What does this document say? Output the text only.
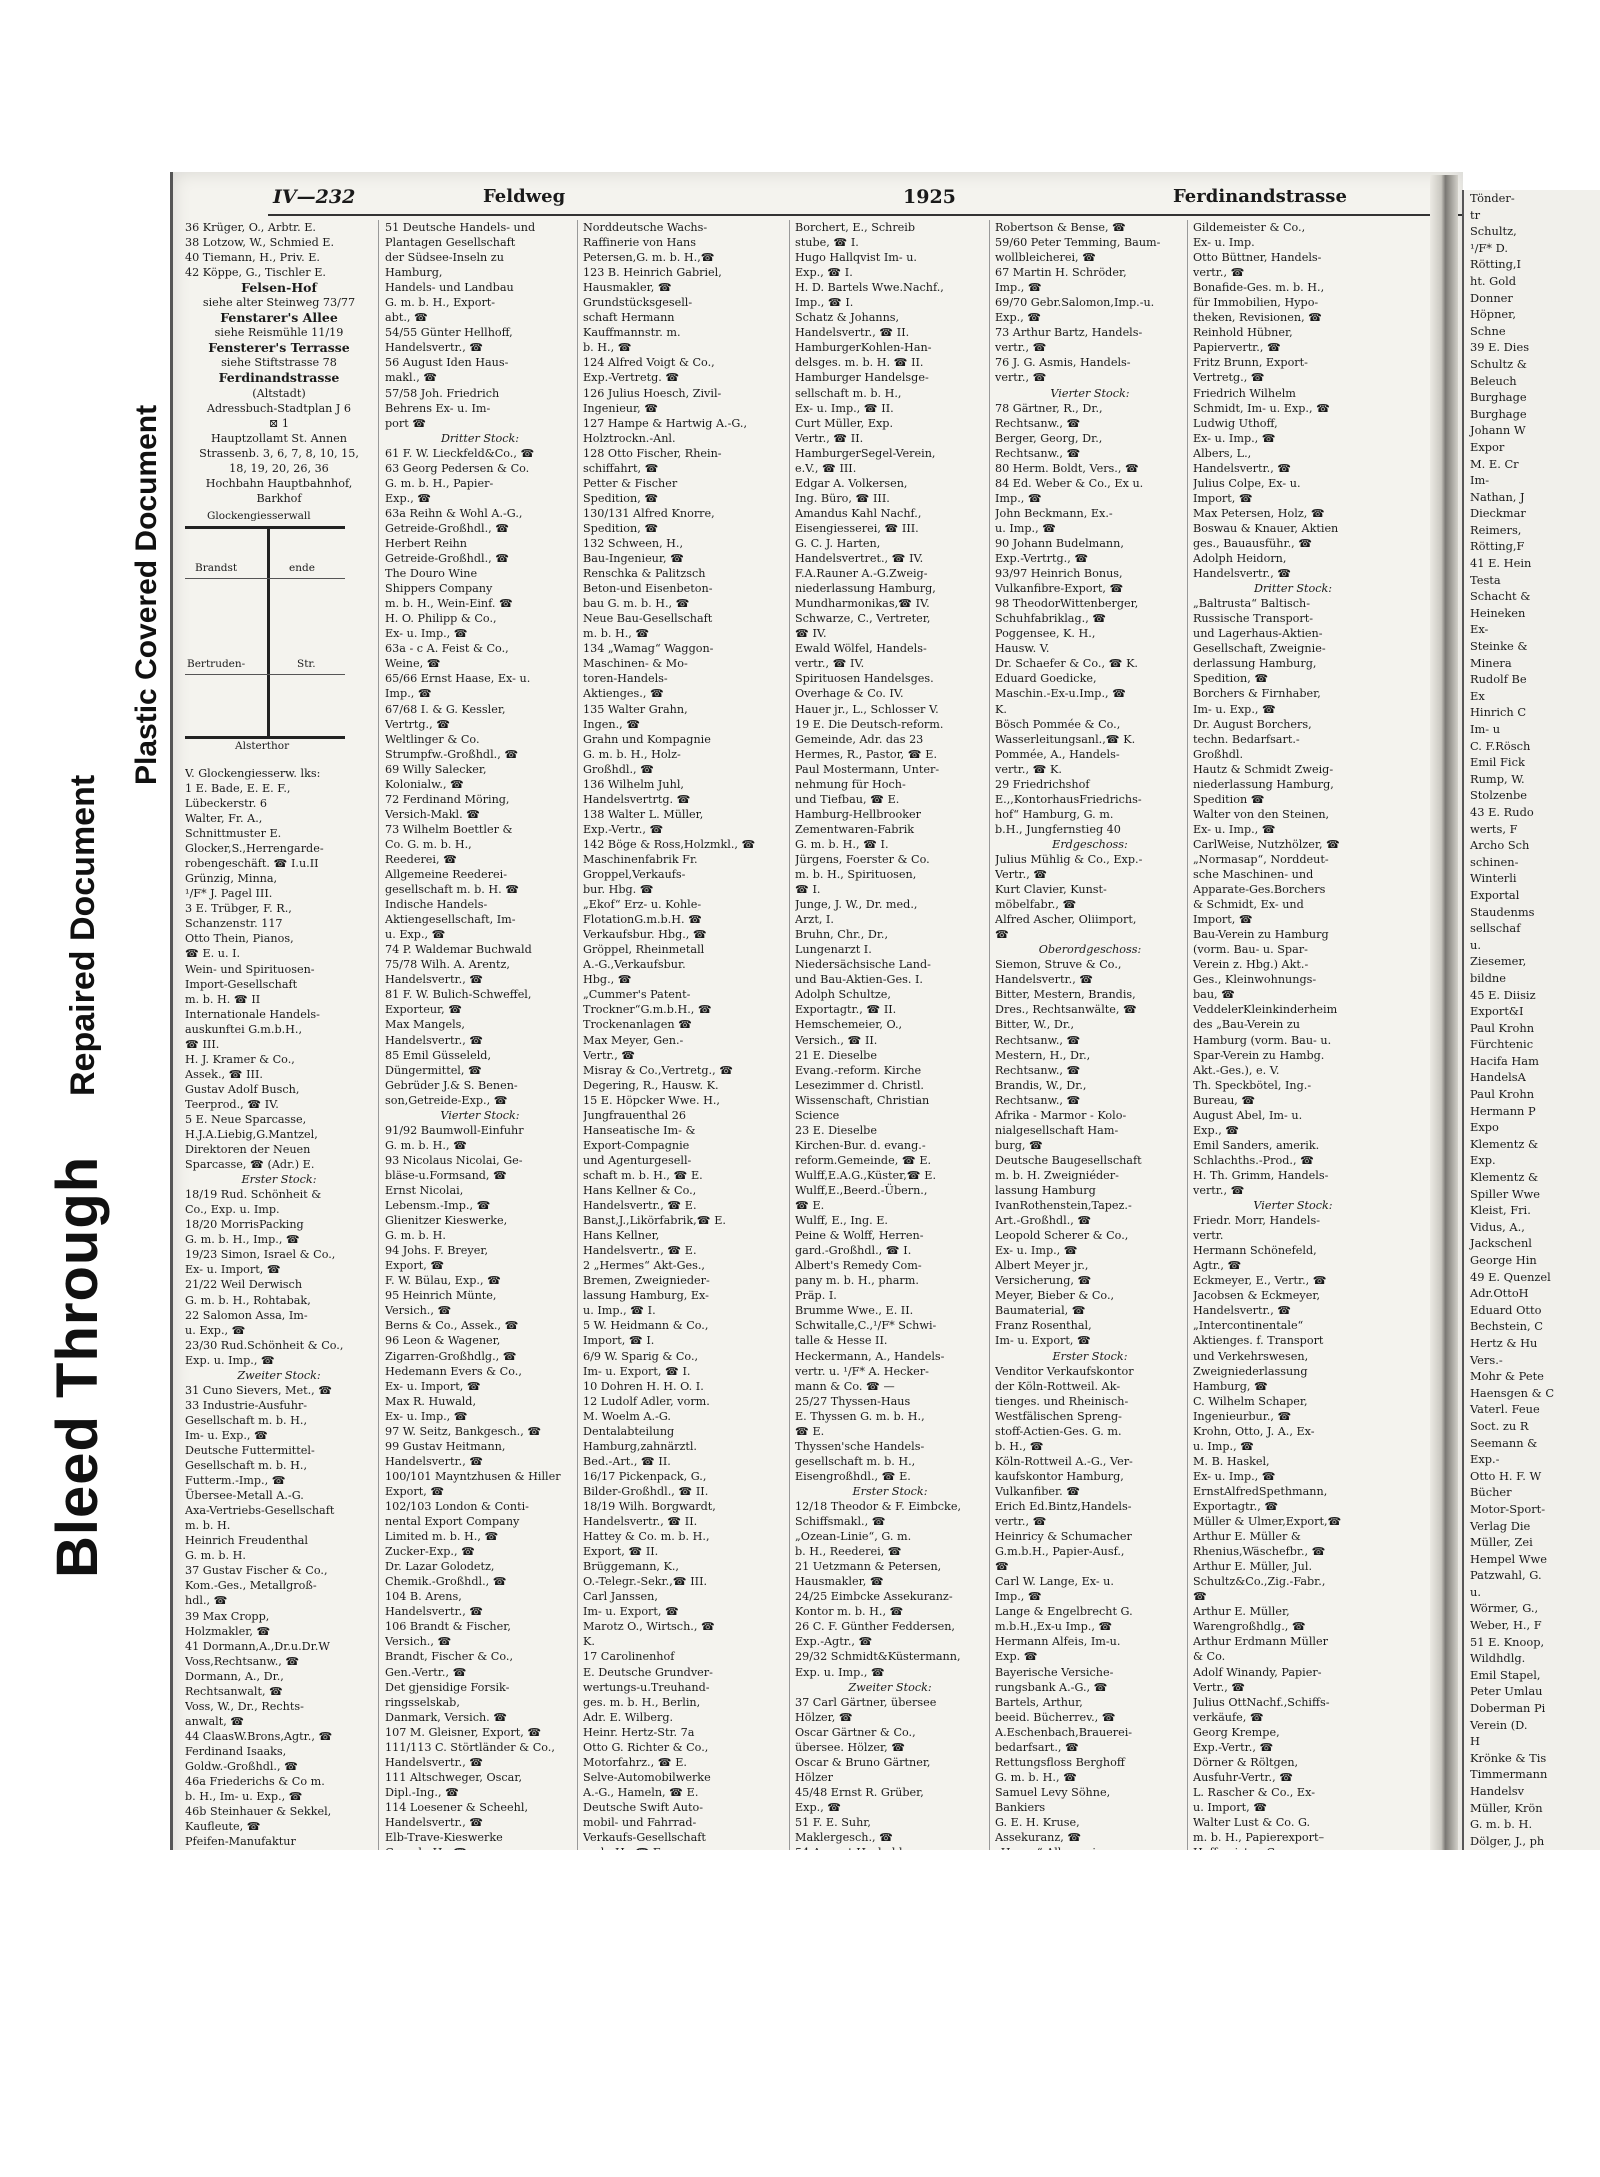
Bleed Through
Repaired Document
Plastic Covered Document
IV—232	Feldweg	1925	Ferdinandstrasse
36 Krüger, O., Arbtr. E.
38 Lotzow, W., Schmied E.
40 Tiemann, H., Priv. E.
42 Köppe, G., Tischler E.
Felsen-Hof
siehe alter Steinweg 73/77
Fenstarer's Allee
siehe Reismühle 11/19
Fensterer's Terrasse
siehe Stiftstrasse 78
Ferdinandstrasse
(Altstadt)
Adressbuch-Stadtplan J 6
⊠ 1
Hauptzollamt St. Annen
Strassenb. 3, 6, 7, 8, 10, 15,
18, 19, 20, 26, 36
Hochbahn Hauptbahnhof,
Barkhof
Glockengiesserwall
Brandst	ende
Bertruden-	Str.
Alsterthor
V. Glockengiesserw. lks:
1 E. Bade, E. E. F.,
Lübeckerstr. 6
Walter, Fr. A.,
Schnittmuster E.
Glocker,S.,Herrengarde-
robengeschäft. ☎ I.u.II
Grünzig, Minna,
¹/F* J. Pagel III.
3 E. Trübger, F. R.,
Schanzenstr. 117
Otto Thein, Pianos,
☎ E. u. I.
Wein- und Spirituosen-
Import-Gesellschaft
m. b. H. ☎ II
Internationale Handels-
auskunftei G.m.b.H.,
☎ III.
H. J. Kramer & Co.,
Assek., ☎ III.
Gustav Adolf Busch,
Teerprod., ☎ IV.
5 E. Neue Sparcasse,
H.J.A.Liebig,G.Mantzel,
Direktoren der Neuen
Sparcasse, ☎ (Adr.) E.
Erster Stock:
18/19 Rud. Schönheit &
Co., Exp. u. Imp.
18/20 MorrisPacking
G. m. b. H., Imp., ☎
19/23 Simon, Israel & Co.,
Ex- u. Import, ☎
21/22 Weil Derwisch
G. m. b. H., Rohtabak,
22 Salomon Assa, Im-
u. Exp., ☎
23/30 Rud.Schönheit & Co.,
Exp. u. Imp., ☎
Zweiter Stock:
31 Cuno Sievers, Met., ☎
33 Industrie-Ausfuhr-
Gesellschaft m. b. H.,
Im- u. Exp., ☎
Deutsche Futtermittel-
Gesellschaft m. b. H.,
Futterm.-Imp., ☎
Übersee-Metall A.-G.
Axa-Vertriebs-Gesellschaft
m. b. H.
Heinrich Freudenthal
G. m. b. H.
37 Gustav Fischer & Co.,
Kom.-Ges., Metallgroß-
hdl., ☎
39 Max Cropp,
Holzmakler, ☎
41 Dormann,A.,Dr.u.Dr.W
Voss,Rechtsanw., ☎
Dormann, A., Dr.,
Rechtsanwalt, ☎
Voss, W., Dr., Rechts-
anwalt, ☎
44 ClaasW.Brons,Agtr., ☎
Ferdinand Isaaks,
Goldw.-Großhdl., ☎
46a Friederichs & Co m.
b. H., Im- u. Exp., ☎
46b Steinhauer & Sekkel,
Kaufleute, ☎
Pfeifen-Manufaktur
51 Deutsche Handels- und
Plantagen Gesellschaft
der Südsee-Inseln zu
Hamburg,
Handels- und Landbau
G. m. b. H., Export-
abt., ☎
54/55 Günter Hellhoff,
Handelsvertr., ☎
56 August Iden Haus-
makl., ☎
57/58 Joh. Friedrich
Behrens Ex- u. Im-
port ☎
Dritter Stock:
61 F. W. Lieckfeld&Co., ☎
63 Georg Pedersen & Co.
G. m. b. H., Papier-
Exp., ☎
63a Reihn & Wohl A.-G.,
Getreide-Großhdl., ☎
Herbert Reihn
Getreide-Großhdl., ☎
The Douro Wine
Shippers Company
m. b. H., Wein-Einf. ☎
H. O. Philipp & Co.,
Ex- u. Imp., ☎
63a - c A. Feist & Co.,
Weine, ☎
65/66 Ernst Haase, Ex- u.
Imp., ☎
67/68 I. & G. Kessler,
Vertrtg., ☎
Weltlinger & Co.
Strumpfw.-Großhdl., ☎
69 Willy Salecker,
Kolonialw., ☎
72 Ferdinand Möring,
Versich-Makl. ☎
73 Wilhelm Boettler &
Co. G. m. b. H.,
Reederei, ☎
Allgemeine Reederei-
gesellschaft m. b. H. ☎
Indische Handels-
Aktiengesellschaft, Im-
u. Exp., ☎
74 P. Waldemar Buchwald
75/78 Wilh. A. Arentz,
Handelsvertr., ☎
81 F. W. Bulich-Schweffel,
Exporteur, ☎
Max Mangels,
Handelsvertr., ☎
85 Emil Güsseleld,
Düngermittel, ☎
Gebrüder J.& S. Benen-
son,Getreide-Exp., ☎
Vierter Stock:
91/92 Baumwoll-Einfuhr
G. m. b. H., ☎
93 Nicolaus Nicolai, Ge-
bläse-u.Formsand, ☎
Ernst Nicolai,
Lebensm.-Imp., ☎
Glienitzer Kieswerke,
G. m. b. H.
94 Johs. F. Breyer,
Export, ☎
F. W. Bülau, Exp., ☎
95 Heinrich Münte,
Versich., ☎
Berns & Co., Assek., ☎
96 Leon & Wagener,
Zigarren-Großhdlg., ☎
Hedemann Evers & Co.,
Ex- u. Import, ☎
Max R. Huwald,
Ex- u. Imp., ☎
97 W. Seitz, Bankgesch., ☎
99 Gustav Heitmann,
Handelsvertr., ☎
100/101 Mayntzhusen & Hiller
Export, ☎
102/103 London & Conti-
nental Export Company
Limited m. b. H., ☎
Zucker-Exp., ☎
Dr. Lazar Golodetz,
Chemik.-Großhdl., ☎
104 B. Arens,
Handelsvertr., ☎
106 Brandt & Fischer,
Versich., ☎
Brandt, Fischer & Co.,
Gen.-Vertr., ☎
Det gjensidige Forsik-
ringsselskab,
Danmark, Versich. ☎
107 M. Gleisner, Export, ☎
111/113 C. Störtländer & Co.,
Handelsvertr., ☎
111 Altschweger, Oscar,
Dipl.-Ing., ☎
114 Loesener & Scheehl,
Handelsvertr., ☎
Elb-Trave-Kieswerke
Norddeutsche Wachs-
Raffinerie von Hans
Petersen,G. m. b. H.,☎
123 B. Heinrich Gabriel,
Hausmakler, ☎
Grundstücksgesell-
schaft Hermann
Kauffmannstr. m.
b. H., ☎
124 Alfred Voigt & Co.,
Exp.-Vertretg. ☎
126 Julius Hoesch, Zivil-
Ingenieur, ☎
127 Hampe & Hartwig A.-G.,
Holztrockn.-Anl.
128 Otto Fischer, Rhein-
schiffahrt, ☎
Petter & Fischer
Spedition, ☎
130/131 Alfred Knorre,
Spedition, ☎
132 Schween, H.,
Bau-Ingenieur, ☎
Renschka & Palitzsch
Beton-und Eisenbeton-
bau G. m. b. H., ☎
Neue Bau-Gesellschaft
m. b. H., ☎
134 „Wamag“ Waggon-
Maschinen- & Mo-
toren-Handels-
Aktienges., ☎
135 Walter Grahn,
Ingen., ☎
Grahn und Kompagnie
G. m. b. H., Holz-
Großhdl., ☎
136 Wilhelm Juhl,
Handelsvertrtg. ☎
138 Walter L. Müller,
Exp.-Vertr., ☎
142 Böge & Ross,Holzmkl., ☎
Maschinenfabrik Fr.
Groppel,Verkaufs-
bur. Hbg. ☎
„Ekof“ Erz- u. Kohle-
FlotationG.m.b.H. ☎
Verkaufsbur. Hbg., ☎
Gröppel, Rheinmetall
A.-G.,Verkaufsbur.
Hbg., ☎
„Cummer's Patent-
Trockner“G.m.b.H., ☎
Trockenanlagen ☎
Max Meyer, Gen.-
Vertr., ☎
Misray & Co.,Vertretg., ☎
Degering, R., Hausw. K.
15 E. Höpcker Wwe. H.,
Jungfrauenthal 26
Hanseatische Im- &
Export-Compagnie
und Agenturgesell-
schaft m. b. H., ☎ E.
Hans Kellner & Co.,
Handelsvertr., ☎ E.
Banst,J.,Likörfabrik,☎ E.
Hans Kellner,
Handelsvertr., ☎ E.
2 „Hermes“ Akt-Ges.,
Bremen, Zweignieder-
lassung Hamburg, Ex-
u. Imp., ☎ I.
5 W. Heidmann & Co.,
Import, ☎ I.
6/9 W. Sparig & Co.,
Im- u. Export, ☎ I.
10 Dohren H. H. O. I.
12 Ludolf Adler, vorm.
M. Woelm A.-G.
Dentalabteilung
Hamburg,zahnärztl.
Bed.-Art., ☎ II.
16/17 Pickenpack, G.,
Bilder-Großhdl., ☎ II.
18/19 Wilh. Borgwardt,
Handelsvertr., ☎ II.
Hattey & Co. m. b. H.,
Export, ☎ II.
Brüggemann, K.,
O.-Telegr.-Sekr.,☎ III.
Carl Janssen,
Im- u. Export, ☎
Marotz O., Wirtsch., ☎
K.
17 Carolinenhof
E. Deutsche Grundver-
wertungs-u.Treuhand-
ges. m. b. H., Berlin,
Adr. E. Wilberg.
Heinr. Hertz-Str. 7a
Otto G. Richter & Co.,
Motorfahrz., ☎ E.
Selve-Automobilwerke
A.-G., Hameln, ☎ E.
Deutsche Swift Auto-
mobil- und Fahrrad-
Verkaufs-Gesellschaft
Borchert, E., Schreib
stube, ☎ I.
Hugo Hallqvist Im- u.
Exp., ☎ I.
H. D. Bartels Wwe.Nachf.,
Imp., ☎ I.
Schatz & Johanns,
Handelsvertr., ☎ II.
HamburgerKohlen-Han-
delsges. m. b. H. ☎ II.
Hamburger Handelsge-
sellschaft m. b. H.,
Ex- u. Imp., ☎ II.
Curt Müller, Exp.
Vertr., ☎ II.
HamburgerSegel-Verein,
e.V., ☎ III.
Edgar A. Volkersen,
Ing. Büro, ☎ III.
Amandus Kahl Nachf.,
Eisengiesserei, ☎ III.
G. C. J. Harten,
Handelsvertret., ☎ IV.
F.A.Rauner A.-G.Zweig-
niederlassung Hamburg,
Mundharmonikas,☎ IV.
Schwarze, C., Vertreter,
☎ IV.
Ewald Wölfel, Handels-
vertr., ☎ IV.
Spirituosen Handelsges.
Overhage & Co. IV.
Hauer jr., L., Schlosser V.
19 E. Die Deutsch-reform.
Gemeinde, Adr. das 23
Hermes, R., Pastor, ☎ E.
Paul Mostermann, Unter-
nehmung für Hoch-
und Tiefbau, ☎ E.
Hamburg-Hellbrooker
Zementwaren-Fabrik
G. m. b. H., ☎ I.
Jürgens, Foerster & Co.
m. b. H., Spirituosen,
☎ I.
Junge, J. W., Dr. med.,
Arzt, I.
Bruhn, Chr., Dr.,
Lungenarzt I.
Niedersächsische Land-
und Bau-Aktien-Ges. I.
Adolph Schultze,
Exportagtr., ☎ II.
Hemschemeier, O.,
Versich., ☎ II.
21 E. Dieselbe
Evang.-reform. Kirche
Lesezimmer d. Christl.
Wissenschaft, Christian
Science
23 E. Dieselbe
Kirchen-Bur. d. evang.-
reform.Gemeinde, ☎ E.
Wulff,E.A.G.,Küster,☎ E.
Wulff,E.,Beerd.-Übern.,
☎ E.
Wulff, E., Ing. E.
Peine & Wolff, Herren-
gard.-Großhdl., ☎ I.
Albert's Remedy Com-
pany m. b. H., pharm.
Präp. I.
Brumme Wwe., E. II.
Schwitalle,C.,¹/F* Schwi-
talle & Hesse II.
Heckermann, A., Handels-
vertr. u. ¹/F* A. Hecker-
mann & Co. ☎ —
25/27 Thyssen-Haus
E. Thyssen G. m. b. H.,
☎ E.
Thyssen'sche Handels-
gesellschaft m. b. H.,
Eisengroßhdl., ☎ E.
Erster Stock:
12/18 Theodor & F. Eimbcke,
Schiffsmakl., ☎
„Ozean-Linie“, G. m.
b. H., Reederei, ☎
21 Uetzmann & Petersen,
Hausmakler, ☎
24/25 Eimbcke Assekuranz-
Kontor m. b. H., ☎
26 C. F. Günther Feddersen,
Exp.-Agtr., ☎
29/32 Schmidt&Küstermann,
Exp. u. Imp., ☎
Zweiter Stock:
37 Carl Gärtner, übersee
Hölzer, ☎
Oscar Gärtner & Co.,
übersee. Hölzer, ☎
Oscar & Bruno Gärtner,
Hölzer
45/48 Ernst R. Grüber,
Exp., ☎
51 F. E. Suhr,
Maklergesch., ☎
Robertson & Bense, ☎
59/60 Peter Temming, Baum-
wollbleicherei, ☎
67 Martin H. Schröder,
Imp., ☎
69/70 Gebr.Salomon,Imp.-u.
Exp., ☎
73 Arthur Bartz, Handels-
vertr., ☎
76 J. G. Asmis, Handels-
vertr., ☎
Vierter Stock:
78 Gärtner, R., Dr.,
Rechtsanw., ☎
Berger, Georg, Dr.,
Rechtsanw., ☎
80 Herm. Boldt, Vers., ☎
84 Ed. Weber & Co., Ex u.
Imp., ☎
John Beckmann, Ex.-
u. Imp., ☎
90 Johann Budelmann,
Exp.-Vertrtg., ☎
93/97 Heinrich Bonus,
Vulkanfibre-Export, ☎
98 TheodorWittenberger,
Schuhfabriklag., ☎
Poggensee, K. H.,
Hausw. V.
Dr. Schaefer & Co., ☎ K.
Eduard Goedicke,
Maschin.-Ex-u.Imp., ☎
K.
Bösch Pommée & Co.,
Wasserleitungsanl.,☎ K.
Pommée, A., Handels-
vertr., ☎ K.
29 Friedrichshof
E.,,KontorhausFriedrichs-
hof“ Hamburg, G. m.
b.H., Jungfernstieg 40
Erdgeschoss:
Julius Mühlig & Co., Exp.-
Vertr., ☎
Kurt Clavier, Kunst-
möbelfabr., ☎
Alfred Ascher, Oliimport,
☎
Oberordgeschoss:
Siemon, Struve & Co.,
Handelsvertr., ☎
Bitter, Mestern, Brandis,
Dres., Rechtsanwälte, ☎
Bitter, W., Dr.,
Rechtsanw., ☎
Mestern, H., Dr.,
Rechtsanw., ☎
Brandis, W., Dr.,
Rechtsanw., ☎
Afrika - Marmor - Kolo-
nialgesellschaft Ham-
burg, ☎
Deutsche Baugesellschaft
m. b. H. Zweigniéder-
lassung Hamburg
IvanRothenstein,Tapez.-
Art.-Großhdl., ☎
Leopold Scherer & Co.,
Ex- u. Imp., ☎
Albert Meyer jr.,
Versicherung, ☎
Meyer, Bieber & Co.,
Baumaterial, ☎
Franz Rosenthal,
Im- u. Export, ☎
Erster Stock:
Venditor Verkaufskontor
der Köln-Rottweil. Ak-
tienges. und Rheinisch-
Westfälischen Spreng-
stoff-Actien-Ges. G. m.
b. H., ☎
Köln-Rottweil A.-G., Ver-
kaufskontor Hamburg,
Vulkanfiber. ☎
Erich Ed.Bintz,Handels-
vertr., ☎
Heinricy & Schumacher
G.m.b.H., Papier-Ausf.,
☎
Carl W. Lange, Ex- u.
Imp., ☎
Lange & Engelbrecht G.
m.b.H.,Ex-u Imp., ☎
Hermann Alfeis, Im-u.
Exp. ☎
Bayerische Versiche-
rungsbank A.-G., ☎
Bartels, Arthur,
beeid. Bücherrev., ☎
A.Eschenbach,Brauerei-
bedarfsart., ☎
Rettungsfloss Berghoff
G. m. b. H., ☎
Samuel Levy Söhne,
Bankiers
G. E. H. Kruse,
Assekuranz, ☎
Gildemeister & Co.,
Ex- u. Imp.
Otto Büttner, Handels-
vertr., ☎
Bonafide-Ges. m. b. H.,
für Immobilien, Hypo-
theken, Revisionen, ☎
Reinhold Hübner,
Papiervertr., ☎
Fritz Brunn, Export-
Vertretg., ☎
Friedrich Wilhelm
Schmidt, Im- u. Exp., ☎
Ludwig Uthoff,
Ex- u. Imp., ☎
Albers, L.,
Handelsvertr., ☎
Julius Colpe, Ex- u.
Import, ☎
Max Petersen, Holz, ☎
Boswau & Knauer, Aktien
ges., Bauausführ., ☎
Adolph Heidorn,
Handelsvertr., ☎
Dritter Stock:
„Baltrusta“ Baltisch-
Russische Transport-
und Lagerhaus-Aktien-
Gesellschaft, Zweignie-
derlassung Hamburg,
Spedition, ☎
Borchers & Firnhaber,
Im- u. Exp., ☎
Dr. August Borchers,
techn. Bedarfsart.-
Großhdl.
Hautz & Schmidt Zweig-
niederlassung Hamburg,
Spedition ☎
Walter von den Steinen,
Ex- u. Imp., ☎
CarlWeise, Nutzhölzer, ☎
„Normasap“, Norddeut-
sche Maschinen- und
Apparate-Ges.Borchers
& Schmidt, Ex- und
Import, ☎
Bau-Verein zu Hamburg
(vorm. Bau- u. Spar-
Verein z. Hbg.) Akt.-
Ges., Kleinwohnungs-
bau, ☎
VeddelerKleinkinderheim
des „Bau-Verein zu
Hamburg (vorm. Bau- u.
Spar-Verein zu Hambg.
Akt.-Ges.), e. V.
Th. Speckbötel, Ing.-
Bureau, ☎
August Abel, Im- u.
Exp., ☎
Emil Sanders, amerik.
Schlachths.-Prod., ☎
H. Th. Grimm, Handels-
vertr., ☎
Vierter Stock:
Friedr. Morr, Handels-
vertr.
Hermann Schönefeld,
Agtr., ☎
Eckmeyer, E., Vertr., ☎
Jacobsen & Eckmeyer,
Handelsvertr., ☎
„Intercontinentale“
Aktienges. f. Transport
und Verkehrswesen,
Zweigniederlassung
Hamburg, ☎
C. Wilhelm Schaper,
Ingenieurbur., ☎
Krohn, Otto, J. A., Ex-
u. Imp., ☎
M. B. Haskel,
Ex- u. Imp., ☎
ErnstAlfredSpethmann,
Exportagtr., ☎
Müller & Ulmer,Export,☎
Arthur E. Müller &
Rhenius,Wäschefbr., ☎
Arthur E. Müller, Jul.
Schultz&Co.,Zig.-Fabr.,
☎
Arthur E. Müller,
Warengroßhdlg., ☎
Arthur Erdmann Müller
& Co.
Adolf Winandy, Papier-
Vertr., ☎
Julius OttNachf.,Schiffs-
verkäufe, ☎
Georg Krempe,
Exp.-Vertr., ☎
Dörner & Röltgen,
Ausfuhr-Vertr., ☎
L. Rascher & Co., Ex-
u. Import, ☎
Walter Lust & Co. G.
m. b. H., Papierexport–
Tönder-
tr
Schultz,
¹/F* D.
Rötting,I
ht. Gold
Donner
Höpner,
Schne
39 E. Dies
Schultz &
Beleuch
Burghage
Burghage
Johann W
Expor
M. E. Cr
Im-
Nathan, J
Dieckmar
Reimers,
Rötting,F
41 E. Hein
Testa
Schacht &
Heineken
Ex-
Steinke &
Minera
Rudolf Be
Ex
Hinrich C
Im- u
C. F.Rösch
Emil Fick
Rump, W.
Stolzenbe
43 E. Rudo
werts, F
Archo Sch
schinen-
Winterli
Exportal
Staudenms
sellschaf
u.
Ziesemer,
bildne
45 E. Diisiz
Export&I
Paul Krohn
Fürchtenic
Hacifa Ham
HandelsA
Paul Krohn
Hermann P
Expo
Klementz &
Exp.
Klementz &
Spiller Wwe
Kleist, Fri.
Vidus, A.,
Jackschenl
George Hin
49 E. Quenzel
Adr.OttoH
Eduard Otto
Bechstein, C
Hertz & Hu
Vers.-
Mohr & Pete
Haensgen & C
Vaterl. Feue
Soct. zu R
Seemann &
Exp.-
Otto H. F. W
Bücher
Motor-Sport-
Verlag Die
Müller, Zei
Hempel Wwe
Patzwahl, G.
u.
Wörmer, G.,
Weber, H., F
51 E. Knoop,
Wildhdlg.
Emil Stapel,
Peter Umlau
Doberman Pi
Verein (D.
H
Krönke & Tis
Timmermann
Handelsv
Müller, Krön
G. m. b. H.
Dölger, J., ph
